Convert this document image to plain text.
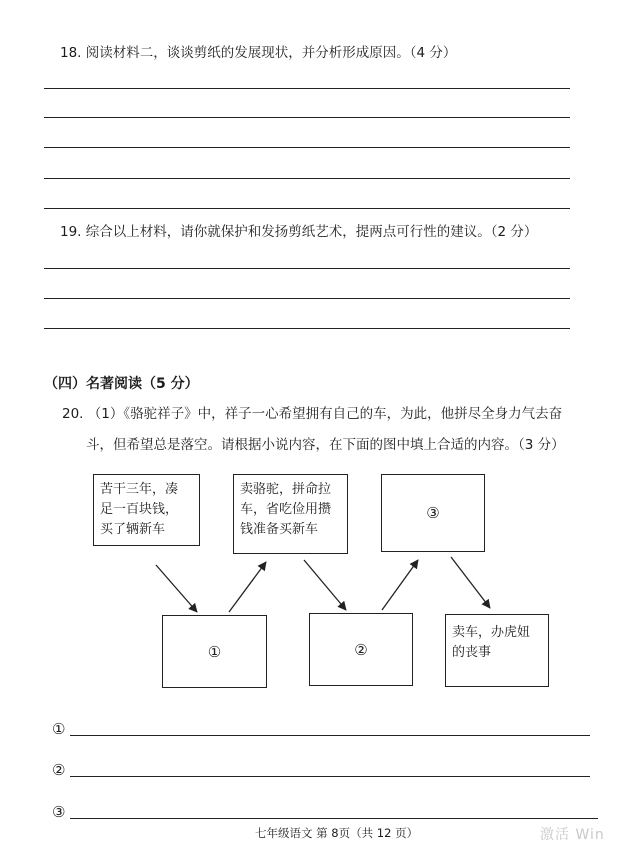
18. 阅读材料二，谈谈剪纸的发展现状，并分析形成原因。（4 分）
19. 综合以上材料，请你就保护和发扬剪纸艺术，提两点可行性的建议。（2 分）
（四）名著阅读（5 分）
20. （1）《骆驼祥子》中，祥子一心希望拥有自己的车，为此，他拼尽全身力气去奋
斗，但希望总是落空。请根据小说内容，在下面的图中填上合适的内容。（3 分）
苦干三年，凑
足一百块钱，
买了辆新车
卖骆驼，拼命拉
车，省吃俭用攒
钱准备买新车
③
①	②
卖车，办虎妞
的丧事
①
②
③
七年级语文 第 8页（共 12 页）	激活 Win
